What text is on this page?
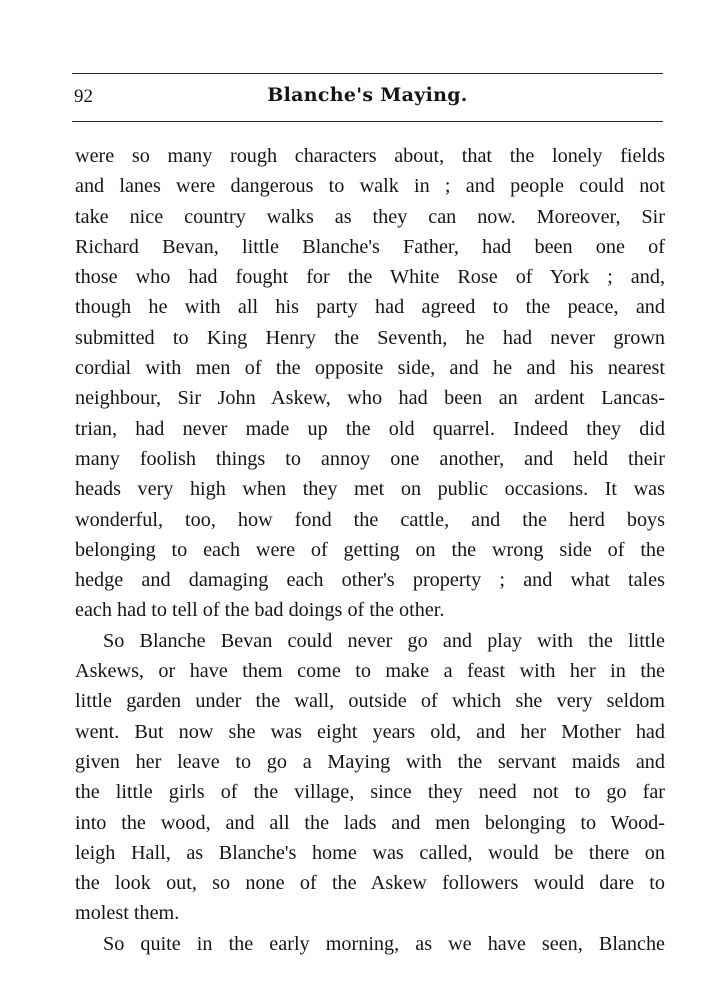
92	Blanche's Maying.
were so many rough characters about, that the lonely fields
and lanes were dangerous to walk in ; and people could not
take nice country walks as they can now. Moreover, Sir
Richard Bevan, little Blanche's Father, had been one of
those who had fought for the White Rose of York ; and,
though he with all his party had agreed to the peace, and
submitted to King Henry the Seventh, he had never grown
cordial with men of the opposite side, and he and his nearest
neighbour, Sir John Askew, who had been an ardent Lancas-
trian, had never made up the old quarrel. Indeed they did
many foolish things to annoy one another, and held their
heads very high when they met on public occasions. It was
wonderful, too, how fond the cattle, and the herd boys
belonging to each were of getting on the wrong side of the
hedge and damaging each other's property ; and what tales
each had to tell of the bad doings of the other.
So Blanche Bevan could never go and play with the little
Askews, or have them come to make a feast with her in the
little garden under the wall, outside of which she very seldom
went. But now she was eight years old, and her Mother had
given her leave to go a Maying with the servant maids and
the little girls of the village, since they need not to go far
into the wood, and all the lads and men belonging to Wood-
leigh Hall, as Blanche's home was called, would be there on
the look out, so none of the Askew followers would dare to
molest them.
So quite in the early morning, as we have seen, Blanche
